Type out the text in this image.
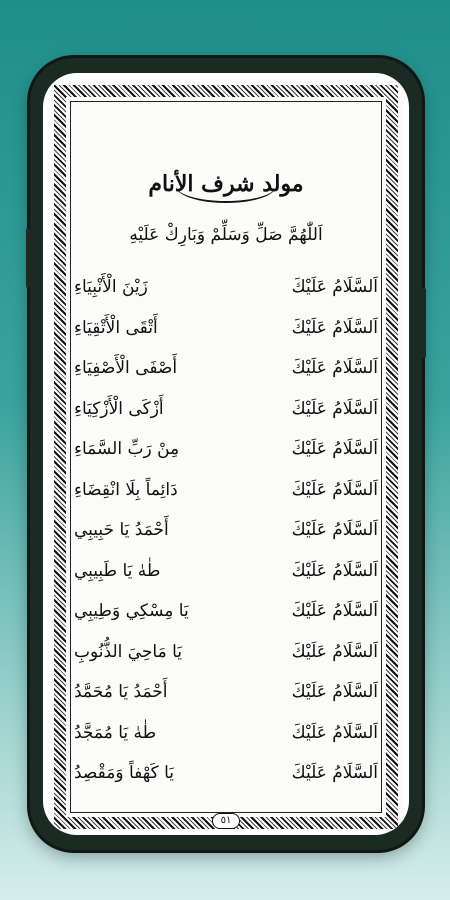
مولد شرف الأنام
اَللّٰهُمَّ صَلِّ وَسَلِّمْ وَبَارِكْ عَلَيْهِ
اَلسَّلَامُ عَلَيْكَ
زَيْنَ الْأَنْبِيَاءِ
اَلسَّلَامُ عَلَيْكَ
أَتْقَى الْأَتْقِيَاءِ
اَلسَّلَامُ عَلَيْكَ
أَصْفَى الْأَصْفِيَاءِ
اَلسَّلَامُ عَلَيْكَ
أَزْكَى الْأَزْكِيَاءِ
اَلسَّلَامُ عَلَيْكَ
مِنْ رَبِّ السَّمَاءِ
اَلسَّلَامُ عَلَيْكَ
دَائِماً بِلَا انْقِضَاءِ
اَلسَّلَامُ عَلَيْكَ
أَحْمَدُ يَا حَبِيبِي
اَلسَّلَامُ عَلَيْكَ
طٰهٰ يَا طَبِيبِي
اَلسَّلَامُ عَلَيْكَ
يَا مِسْكِي وَطِيبِي
اَلسَّلَامُ عَلَيْكَ
يَا مَاحِيَ الذُّنُوبِ
اَلسَّلَامُ عَلَيْكَ
أَحْمَدُ يَا مُحَمَّدُ
اَلسَّلَامُ عَلَيْكَ
طٰهٰ يَا مُمَجَّدُ
اَلسَّلَامُ عَلَيْكَ
يَا كَهْفاً وَمَقْصِدُ
٥١
